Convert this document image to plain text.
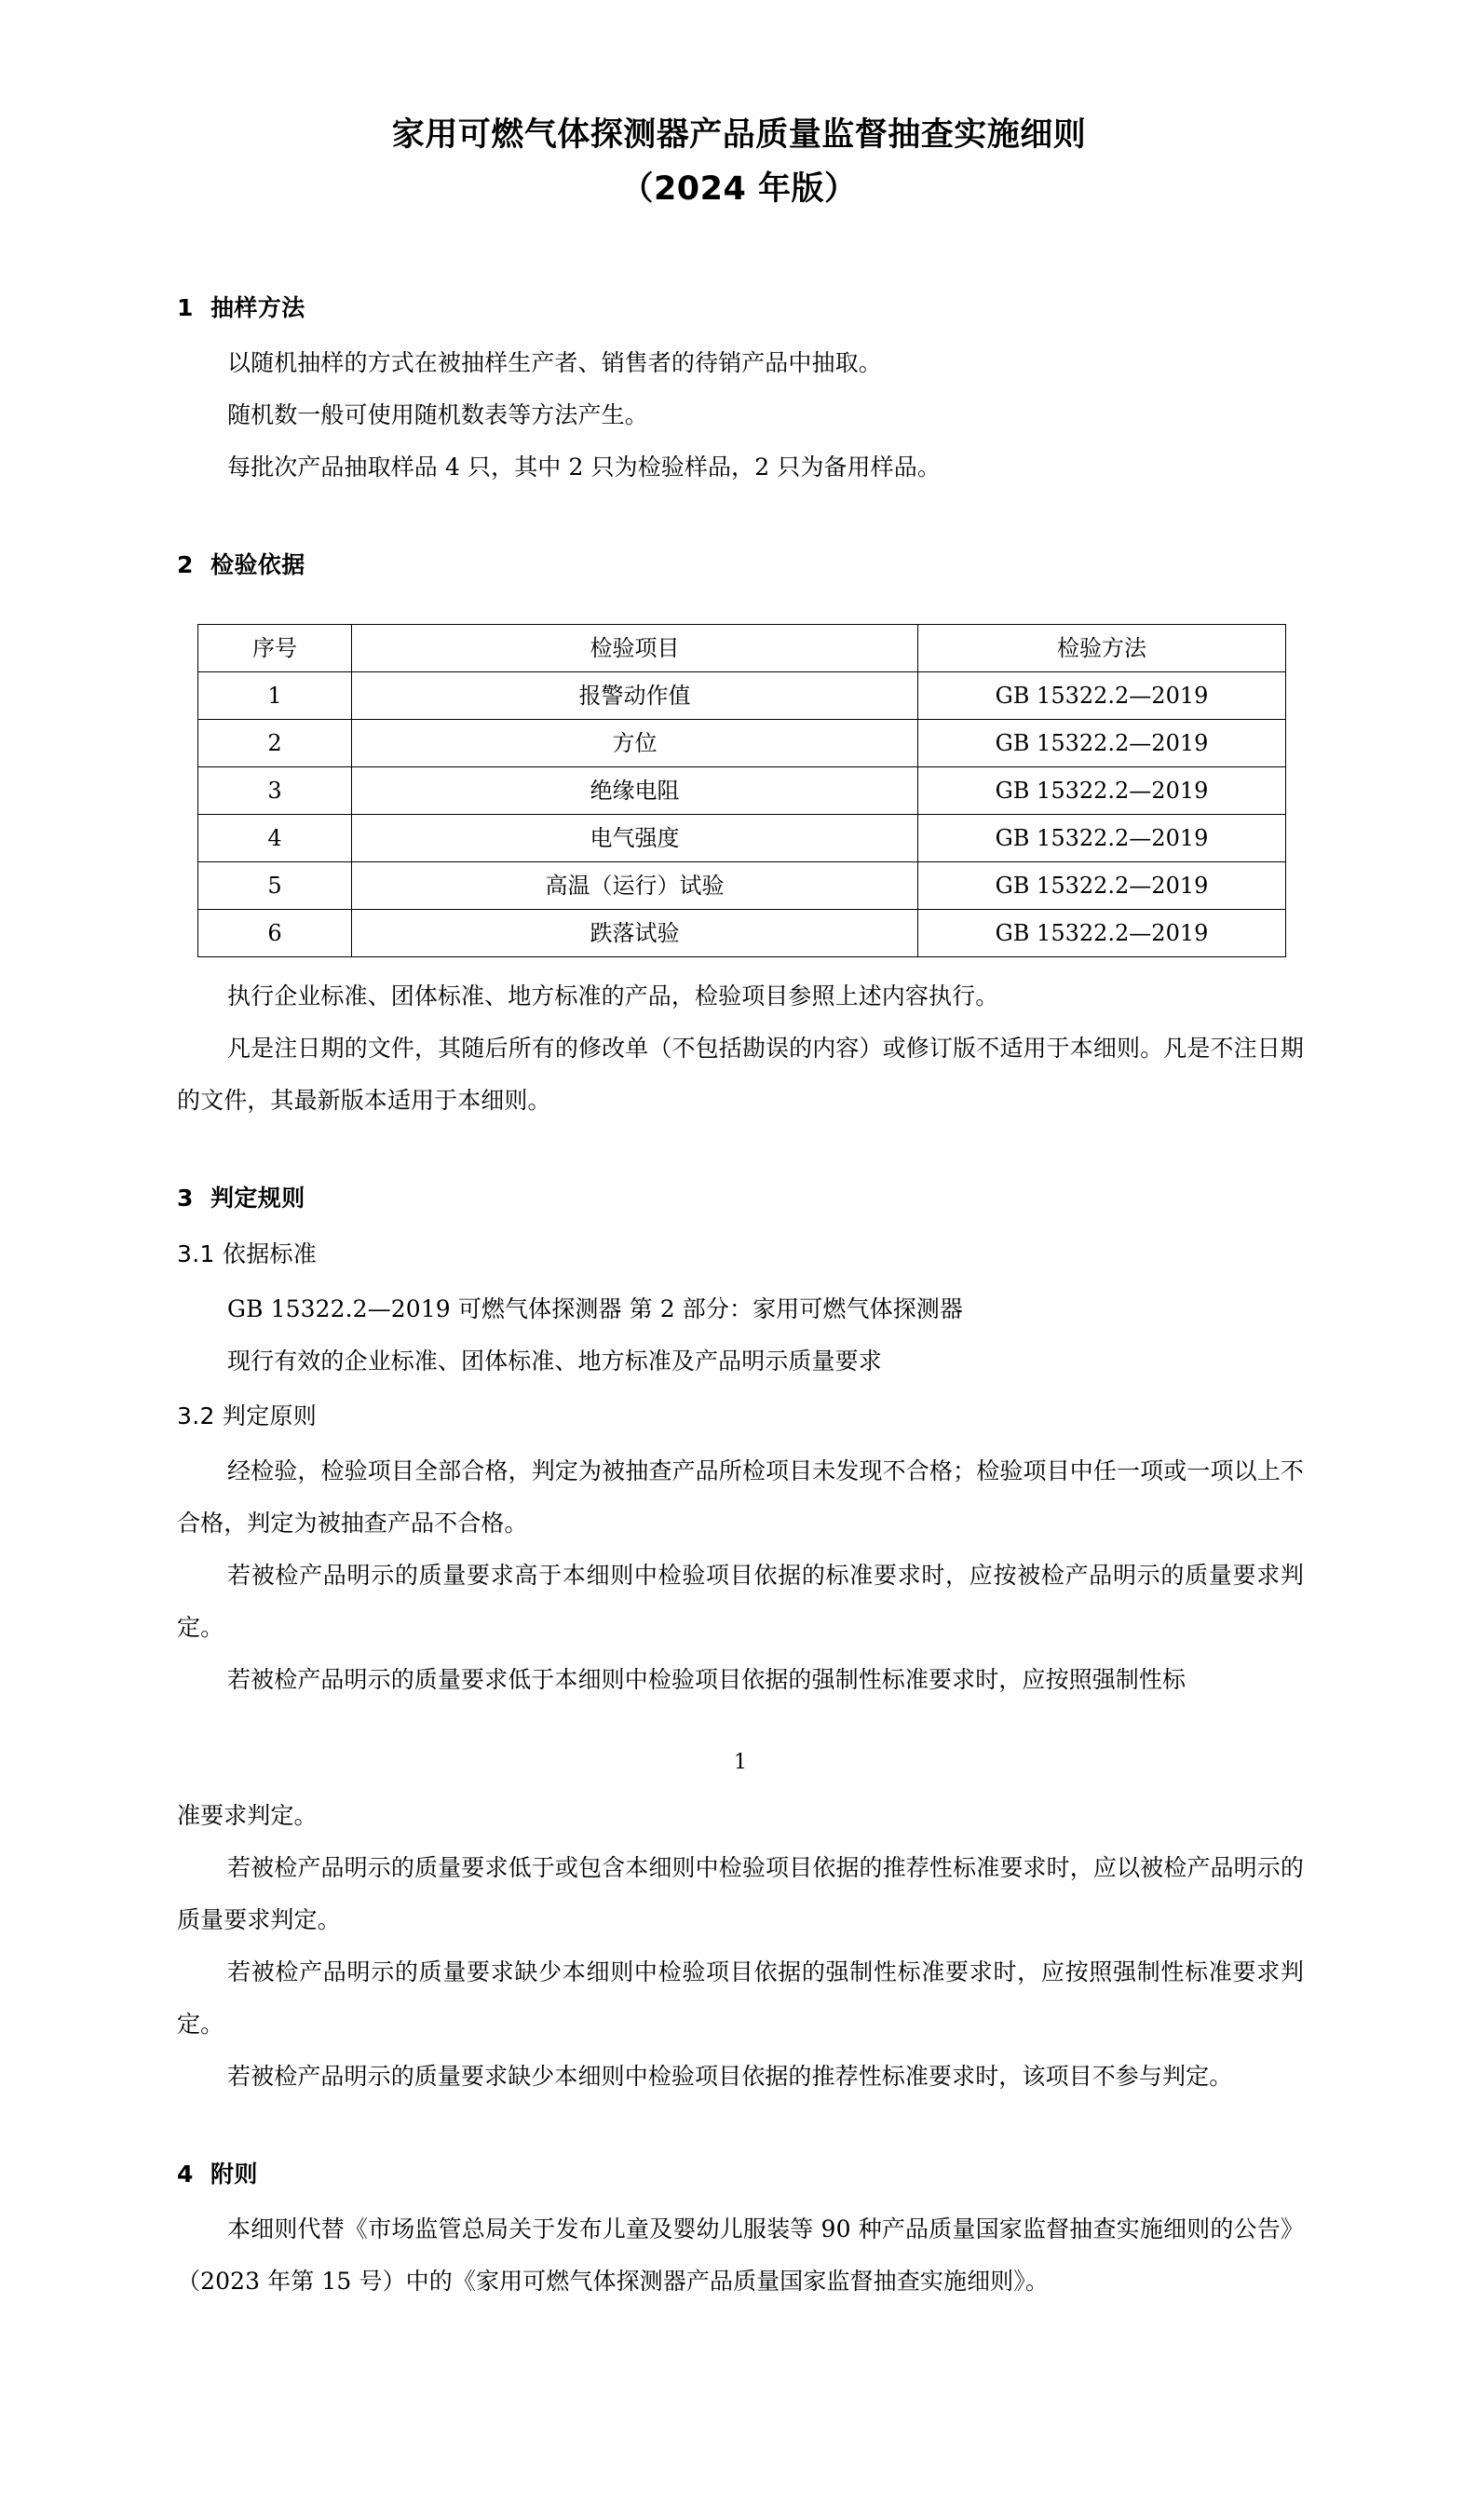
家用可燃气体探测器产品质量监督抽查实施细则
（2024 年版）
1  抽样方法

以随机抽样的方式在被抽样生产者、销售者的待销产品中抽取。

随机数一般可使用随机数表等方法产生。

每批次产品抽取样品 4 只，其中 2 只为检验样品，2 只为备用样品。

2  检验依据
序号	检验项目	检验方法
1	报警动作值	GB 15322.2—2019
2	方位	GB 15322.2—2019
3	绝缘电阻	GB 15322.2—2019
4	电气强度	GB 15322.2—2019
5	高温（运行）试验	GB 15322.2—2019
6	跌落试验	GB 15322.2—2019

执行企业标准、团体标准、地方标准的产品，检验项目参照上述内容执行。

凡是注日期的文件，其随后所有的修改单（不包括勘误的内容）或修订版不适用于本细则。凡是不注日期的文件，其最新版本适用于本细则。

3  判定规则
3.1 依据标准

GB 15322.2—2019 可燃气体探测器 第 2 部分：家用可燃气体探测器

现行有效的企业标准、团体标准、地方标准及产品明示质量要求

3.2 判定原则

经检验，检验项目全部合格，判定为被抽查产品所检项目未发现不合格；检验项目中任一项或一项以上不合格，判定为被抽查产品不合格。

若被检产品明示的质量要求高于本细则中检验项目依据的标准要求时，应按被检产品明示的质量要求判定。

若被检产品明示的质量要求低于本细则中检验项目依据的强制性标准要求时，应按照强制性标

1

准要求判定。

若被检产品明示的质量要求低于或包含本细则中检验项目依据的推荐性标准要求时，应以被检产品明示的质量要求判定。

若被检产品明示的质量要求缺少本细则中检验项目依据的强制性标准要求时，应按照强制性标准要求判定。

若被检产品明示的质量要求缺少本细则中检验项目依据的推荐性标准要求时，该项目不参与判定。

4  附则

本细则代替《市场监管总局关于发布儿童及婴幼儿服装等 90 种产品质量国家监督抽查实施细则的公告》（2023 年第 15 号）中的《家用可燃气体探测器产品质量国家监督抽查实施细则》。
